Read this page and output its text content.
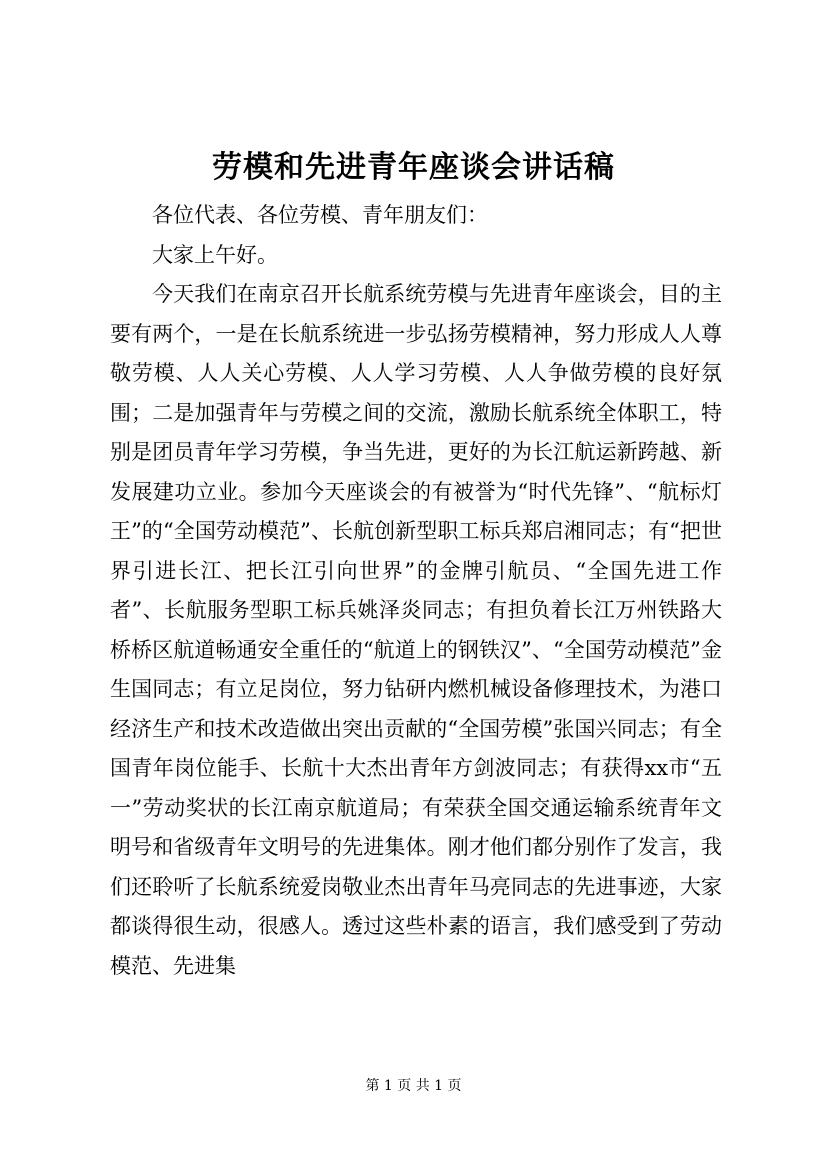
劳模和先进青年座谈会讲话稿

各位代表、各位劳模、青年朋友们：

大家上午好。

今天我们在南京召开长航系统劳模与先进青年座谈会，目的主要有两个，一是在长航系统进一步弘扬劳模精神，努力形成人人尊敬劳模、人人关心劳模、人人学习劳模、人人争做劳模的良好氛围；二是加强青年与劳模之间的交流，激励长航系统全体职工，特别是团员青年学习劳模，争当先进，更好的为长江航运新跨越、新发展建功立业。参加今天座谈会的有被誉为“时代先锋”、“航标灯王”的“全国劳动模范”、长航创新型职工标兵郑启湘同志；有“把世界引进长江、把长江引向世界”的金牌引航员、“全国先进工作者”、长航服务型职工标兵姚泽炎同志；有担负着长江万州铁路大桥桥区航道畅通安全重任的“航道上的钢铁汉”、“全国劳动模范”金生国同志；有立足岗位，努力钻研内燃机械设备修理技术，为港口经济生产和技术改造做出突出贡献的“全国劳模”张国兴同志；有全国青年岗位能手、长航十大杰出青年方剑波同志；有获得xx市“五一”劳动奖状的长江南京航道局；有荣获全国交通运输系统青年文明号和省级青年文明号的先进集体。刚才他们都分别作了发言，我们还聆听了长航系统爱岗敬业杰出青年马亮同志的先进事迹，大家都谈得很生动，很感人。透过这些朴素的语言，我们感受到了劳动模范、先进集

第 1 页 共 1 页
